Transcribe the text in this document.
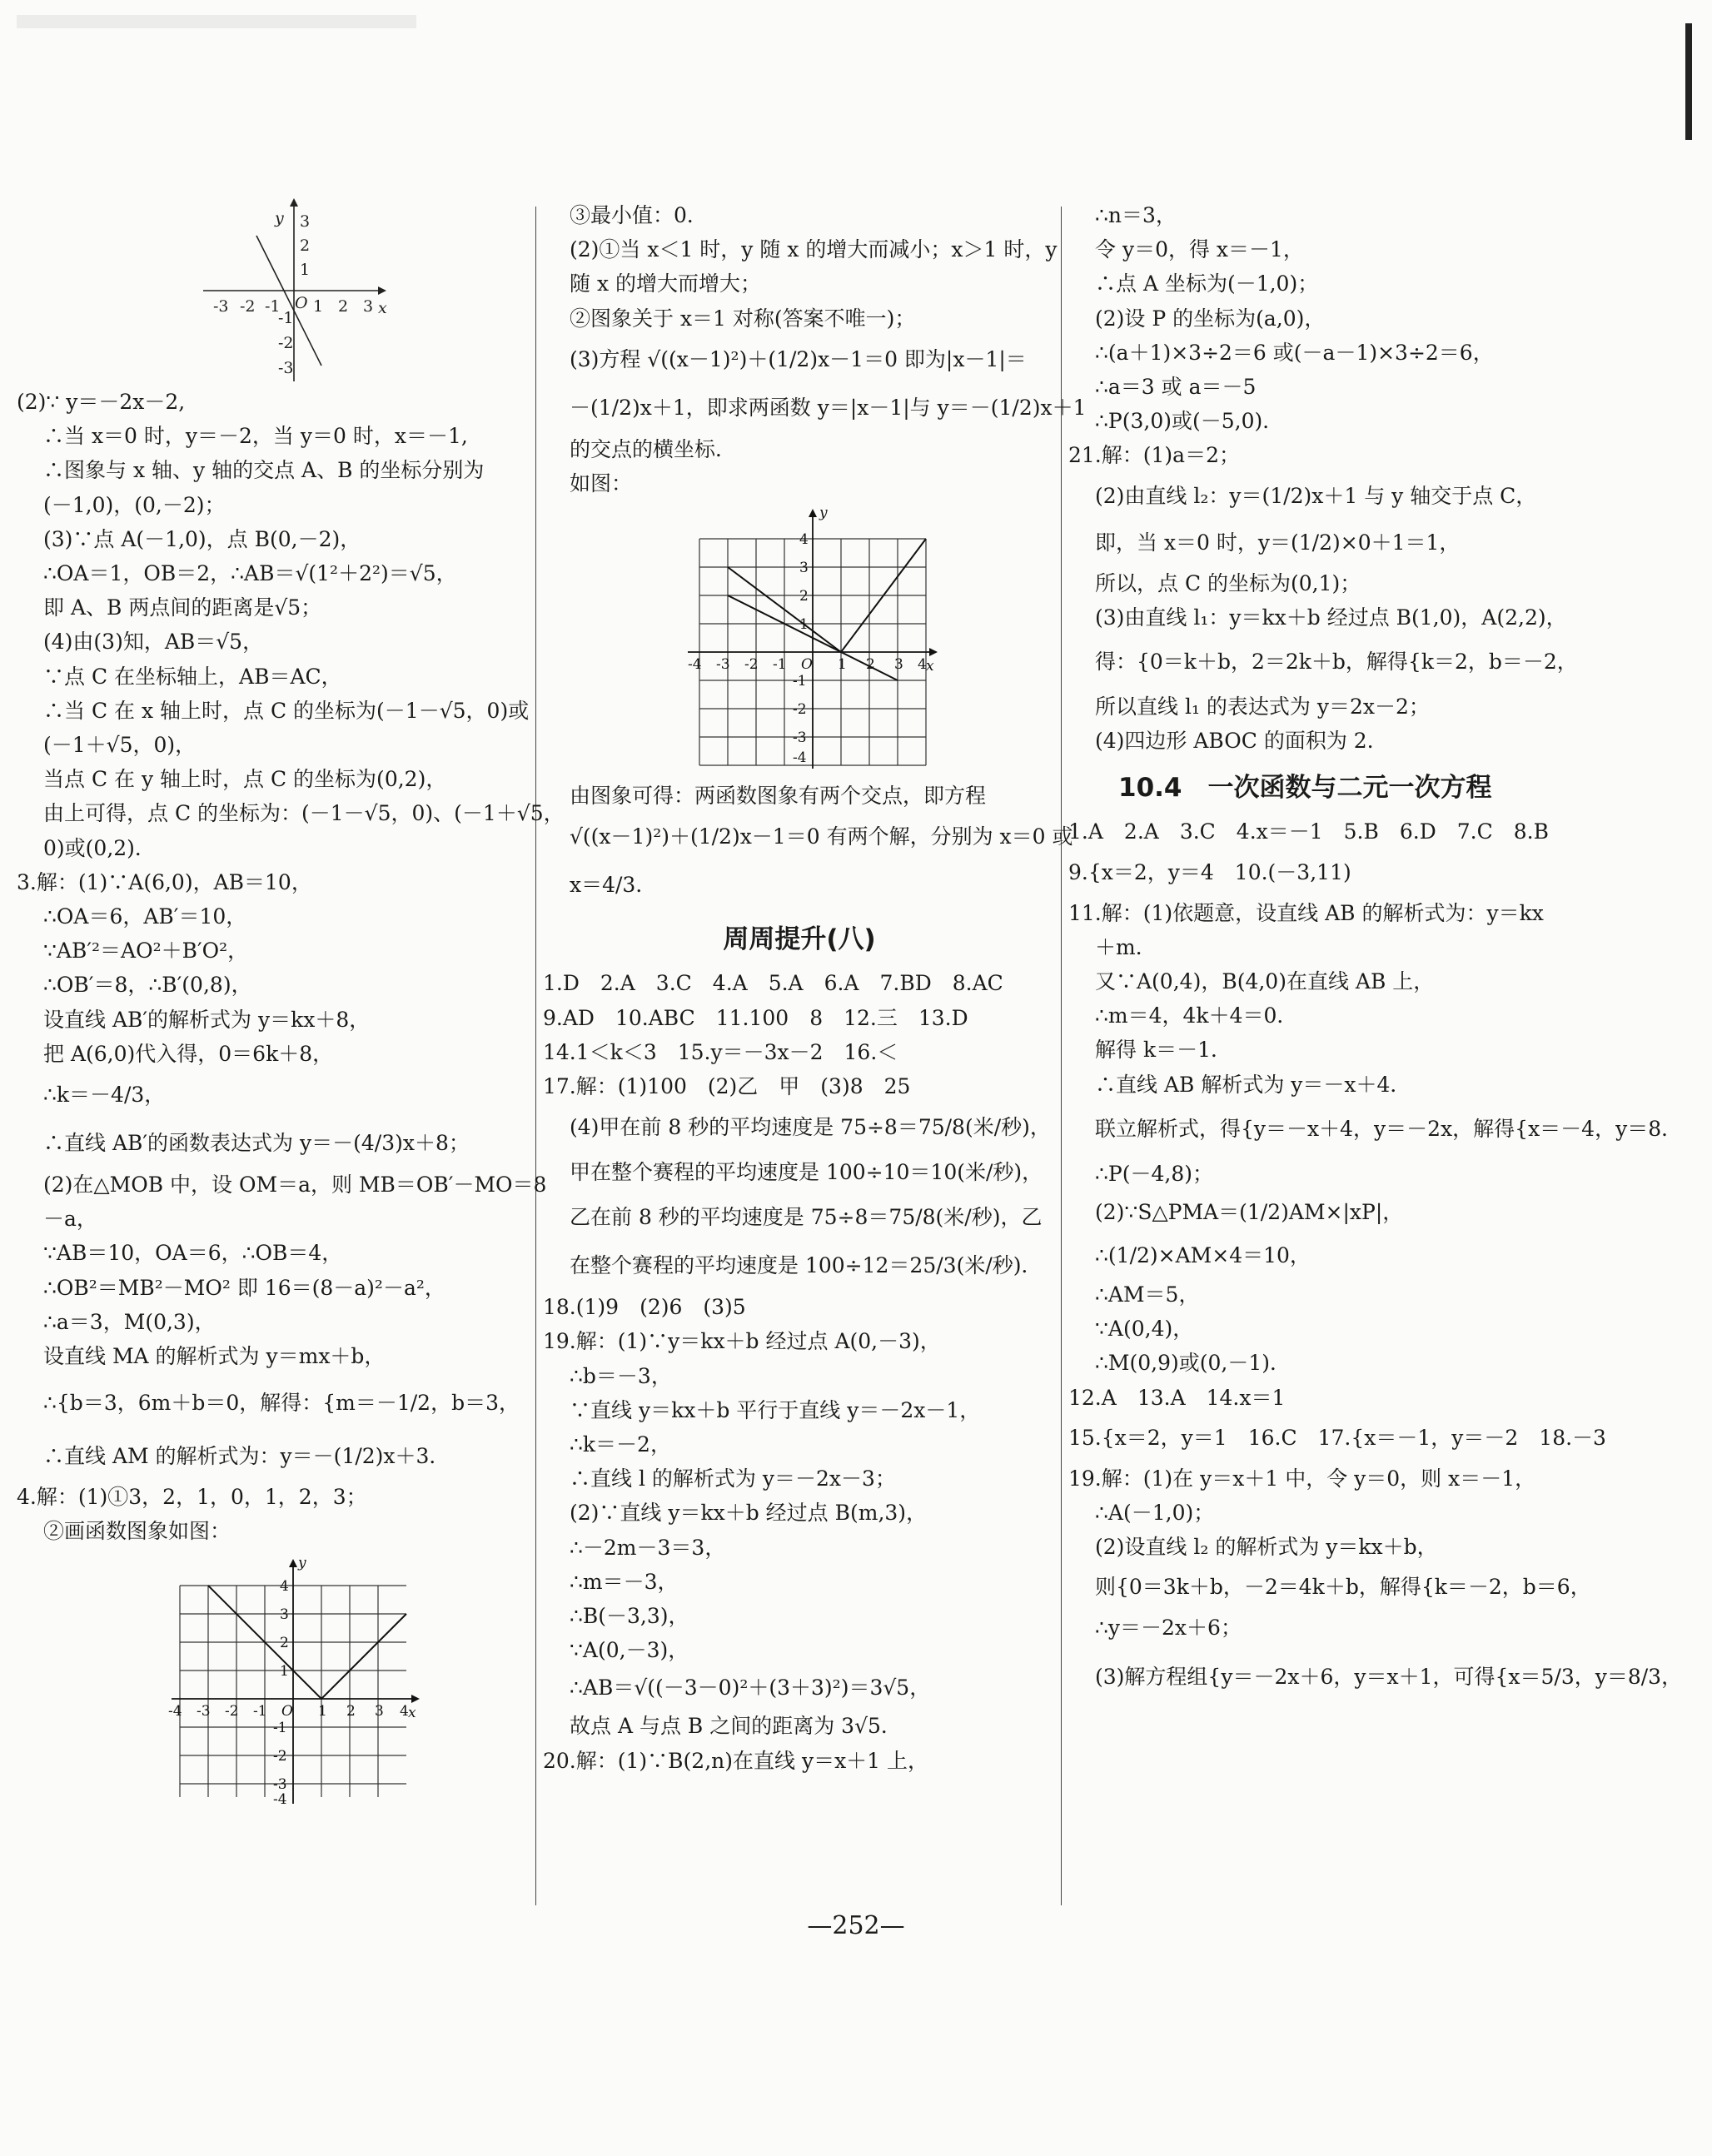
y
x
O
-3 -2 -1 1 2 3
3
2
1
-1
-2
-3
(2)∵ y＝－2x－2,
∴当 x＝0 时，y＝－2，当 y＝0 时，x＝－1,
∴图象与 x 轴、y 轴的交点 A、B 的坐标分别为
(－1,0)，(0,－2)；
(3)∵点 A(－1,0)，点 B(0,－2)，
∴OA＝1，OB＝2，∴AB＝√(1²＋2²)＝√5，
即 A、B 两点间的距离是√5；
(4)由(3)知，AB＝√5，
∵点 C 在坐标轴上，AB＝AC，
∴当 C 在 x 轴上时，点 C 的坐标为(－1－√5，0)或
(－1＋√5，0)，
当点 C 在 y 轴上时，点 C 的坐标为(0,2)，
由上可得，点 C 的坐标为：(－1－√5，0)、(－1＋√5，
0)或(0,2)．
3.解：(1)∵A(6,0)，AB＝10，
∴OA＝6，AB′＝10，
∵AB′²＝AO²＋B′O²，
∴OB′＝8，∴B′(0,8)，
设直线 AB′的解析式为 y＝kx＋8，
把 A(6,0)代入得，0＝6k＋8，
∴k＝－4/3，
∴直线 AB′的函数表达式为 y＝－(4/3)x＋8；
(2)在△MOB 中，设 OM＝a，则 MB＝OB′－MO＝8
－a，
∵AB＝10，OA＝6，∴OB＝4，
∴OB²＝MB²－MO² 即 16＝(8－a)²－a²，
∴a＝3，M(0,3)，
设直线 MA 的解析式为 y＝mx＋b，
∴{b＝3，6m＋b＝0，解得：{m＝－1/2，b＝3，
∴直线 AM 的解析式为：y＝－(1/2)x＋3．
4.解：(1)①3，2，1，0，1，2，3；
②画函数图象如图：
y
x
O
-4 -3 -2 -1	1 2 3 4
4
3
2
1
-1
-2
-3
-4
③最小值：0．
(2)①当 x＜1 时，y 随 x 的增大而减小；x＞1 时，y
随 x 的增大而增大；
②图象关于 x＝1 对称(答案不唯一)；
(3)方程 √((x－1)²)＋(1/2)x－1＝0 即为|x－1|＝
－(1/2)x＋1，即求两函数 y＝|x－1|与 y＝－(1/2)x＋1
的交点的横坐标．
如图：
y
x
O
-4 -3 -2 -1	1 2 3 4
4
3
2
1
-1
-2
-3
-4
由图象可得：两函数图象有两个交点，即方程
√((x－1)²)＋(1/2)x－1＝0 有两个解，分别为 x＝0 或
x＝4/3．
周周提升(八)
1.D　2.A　3.C　4.A　5.A　6.A　7.BD　8.AC
9.AD　10.ABC　11.100　8　12.三　13.D
14.1＜k＜3　15.y＝－3x－2　16.＜
17.解：(1)100　(2)乙　甲　(3)8　25
(4)甲在前 8 秒的平均速度是 75÷8＝75/8(米/秒)，
甲在整个赛程的平均速度是 100÷10＝10(米/秒)，
乙在前 8 秒的平均速度是 75÷8＝75/8(米/秒)，乙
在整个赛程的平均速度是 100÷12＝25/3(米/秒)．
18.(1)9　(2)6　(3)5
19.解：(1)∵y＝kx＋b 经过点 A(0,－3)，
∴b＝－3，
∵直线 y＝kx＋b 平行于直线 y＝－2x－1，
∴k＝－2，
∴直线 l 的解析式为 y＝－2x－3；
(2)∵直线 y＝kx＋b 经过点 B(m,3)，
∴－2m－3＝3，
∴m＝－3，
∴B(－3,3)，
∵A(0,－3)，
∴AB＝√((－3－0)²＋(3＋3)²)＝3√5，
故点 A 与点 B 之间的距离为 3√5．
20.解：(1)∵B(2,n)在直线 y＝x＋1 上，
∴n＝3，
令 y＝0，得 x＝－1，
∴点 A 坐标为(－1,0)；
(2)设 P 的坐标为(a,0)，
∴(a＋1)×3÷2＝6 或(－a－1)×3÷2＝6，
∴a＝3 或 a＝－5
∴P(3,0)或(－5,0)．
21.解：(1)a＝2；
(2)由直线 l₂：y＝(1/2)x＋1 与 y 轴交于点 C，
即，当 x＝0 时，y＝(1/2)×0＋1＝1，
所以，点 C 的坐标为(0,1)；
(3)由直线 l₁：y＝kx＋b 经过点 B(1,0)，A(2,2)，
得：{0＝k＋b，2＝2k＋b，解得{k＝2，b＝－2，
所以直线 l₁ 的表达式为 y＝2x－2；
(4)四边形 ABOC 的面积为 2.
10.4　一次函数与二元一次方程
1.A　2.A　3.C　4.x＝－1　5.B　6.D　7.C　8.B
9.{x＝2，y＝4　10.(－3,11)
11.解：(1)依题意，设直线 AB 的解析式为：y＝kx
＋m．
又∵A(0,4)，B(4,0)在直线 AB 上，
∴m＝4，4k＋4＝0．
解得 k＝－1．
∴直线 AB 解析式为 y＝－x＋4．
联立解析式，得{y＝－x＋4，y＝－2x，解得{x＝－4，y＝8．
∴P(－4,8)；
(2)∵S△PMA＝(1/2)AM×|xP|，
∴(1/2)×AM×4＝10，
∴AM＝5，
∵A(0,4)，
∴M(0,9)或(0,－1)．
12.A　13.A　14.x＝1
15.{x＝2，y＝1　16.C　17.{x＝－1，y＝－2　18.－3
19.解：(1)在 y＝x＋1 中，令 y＝0，则 x＝－1，
∴A(－1,0)；
(2)设直线 l₂ 的解析式为 y＝kx＋b，
则{0＝3k＋b，－2＝4k＋b，解得{k＝－2，b＝6，
∴y＝－2x＋6；
(3)解方程组{y＝－2x＋6，y＝x＋1，可得{x＝5/3，y＝8/3，
—252—
